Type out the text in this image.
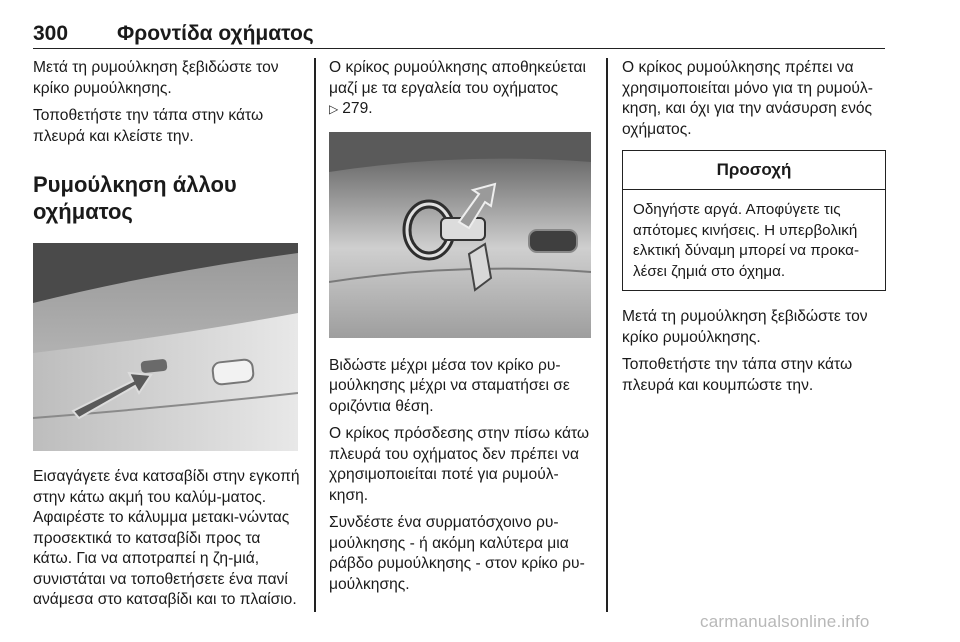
300 Φροντίδα οχήματος

Μετά τη ρυμούλκηση ξεβιδώστε τον κρίκο ρυμούλκησης.

Τοποθετήστε την τάπα στην κάτω πλευρά και κλείστε την.

Ρυμούλκηση άλλου οχήματος

Εισαγάγετε ένα κατσαβίδι στην εγκοπή στην κάτω ακμή του καλύμ-ματος. Αφαιρέστε το κάλυμμα μετακι-νώντας προσεκτικά το κατσαβίδι προς τα κάτω. Για να αποτραπεί η ζη-μιά, συνιστάται να τοποθετήσετε ένα πανί ανάμεσα στο κατσαβίδι και το πλαίσιο.

Ο κρίκος ρυμούλκησης αποθηκεύεται μαζί με τα εργαλεία του οχήματος
▷ 279.

Βιδώστε μέχρι μέσα τον κρίκο ρυ-μούλκησης μέχρι να σταματήσει σε οριζόντια θέση.

Ο κρίκος πρόσδεσης στην πίσω κάτω πλευρά του οχήματος δεν πρέπει να χρησιμοποιείται ποτέ για ρυμούλ-κηση.

Συνδέστε ένα συρματόσχοινο ρυ-μούλκησης - ή ακόμη καλύτερα μια ράβδο ρυμούλκησης - στον κρίκο ρυ-μούλκησης.

Ο κρίκος ρυμούλκησης πρέπει να χρησιμοποιείται μόνο για τη ρυμούλ-κηση, και όχι για την ανάσυρση ενός οχήματος.

Προσοχή
Οδηγήστε αργά. Αποφύγετε τις απότομες κινήσεις. Η υπερβολική ελκτική δύναμη μπορεί να προκα-λέσει ζημιά στο όχημα.

Μετά τη ρυμούλκηση ξεβιδώστε τον κρίκο ρυμούλκησης.

Τοποθετήστε την τάπα στην κάτω πλευρά και κουμπώστε την.

carmanualsonline.info
